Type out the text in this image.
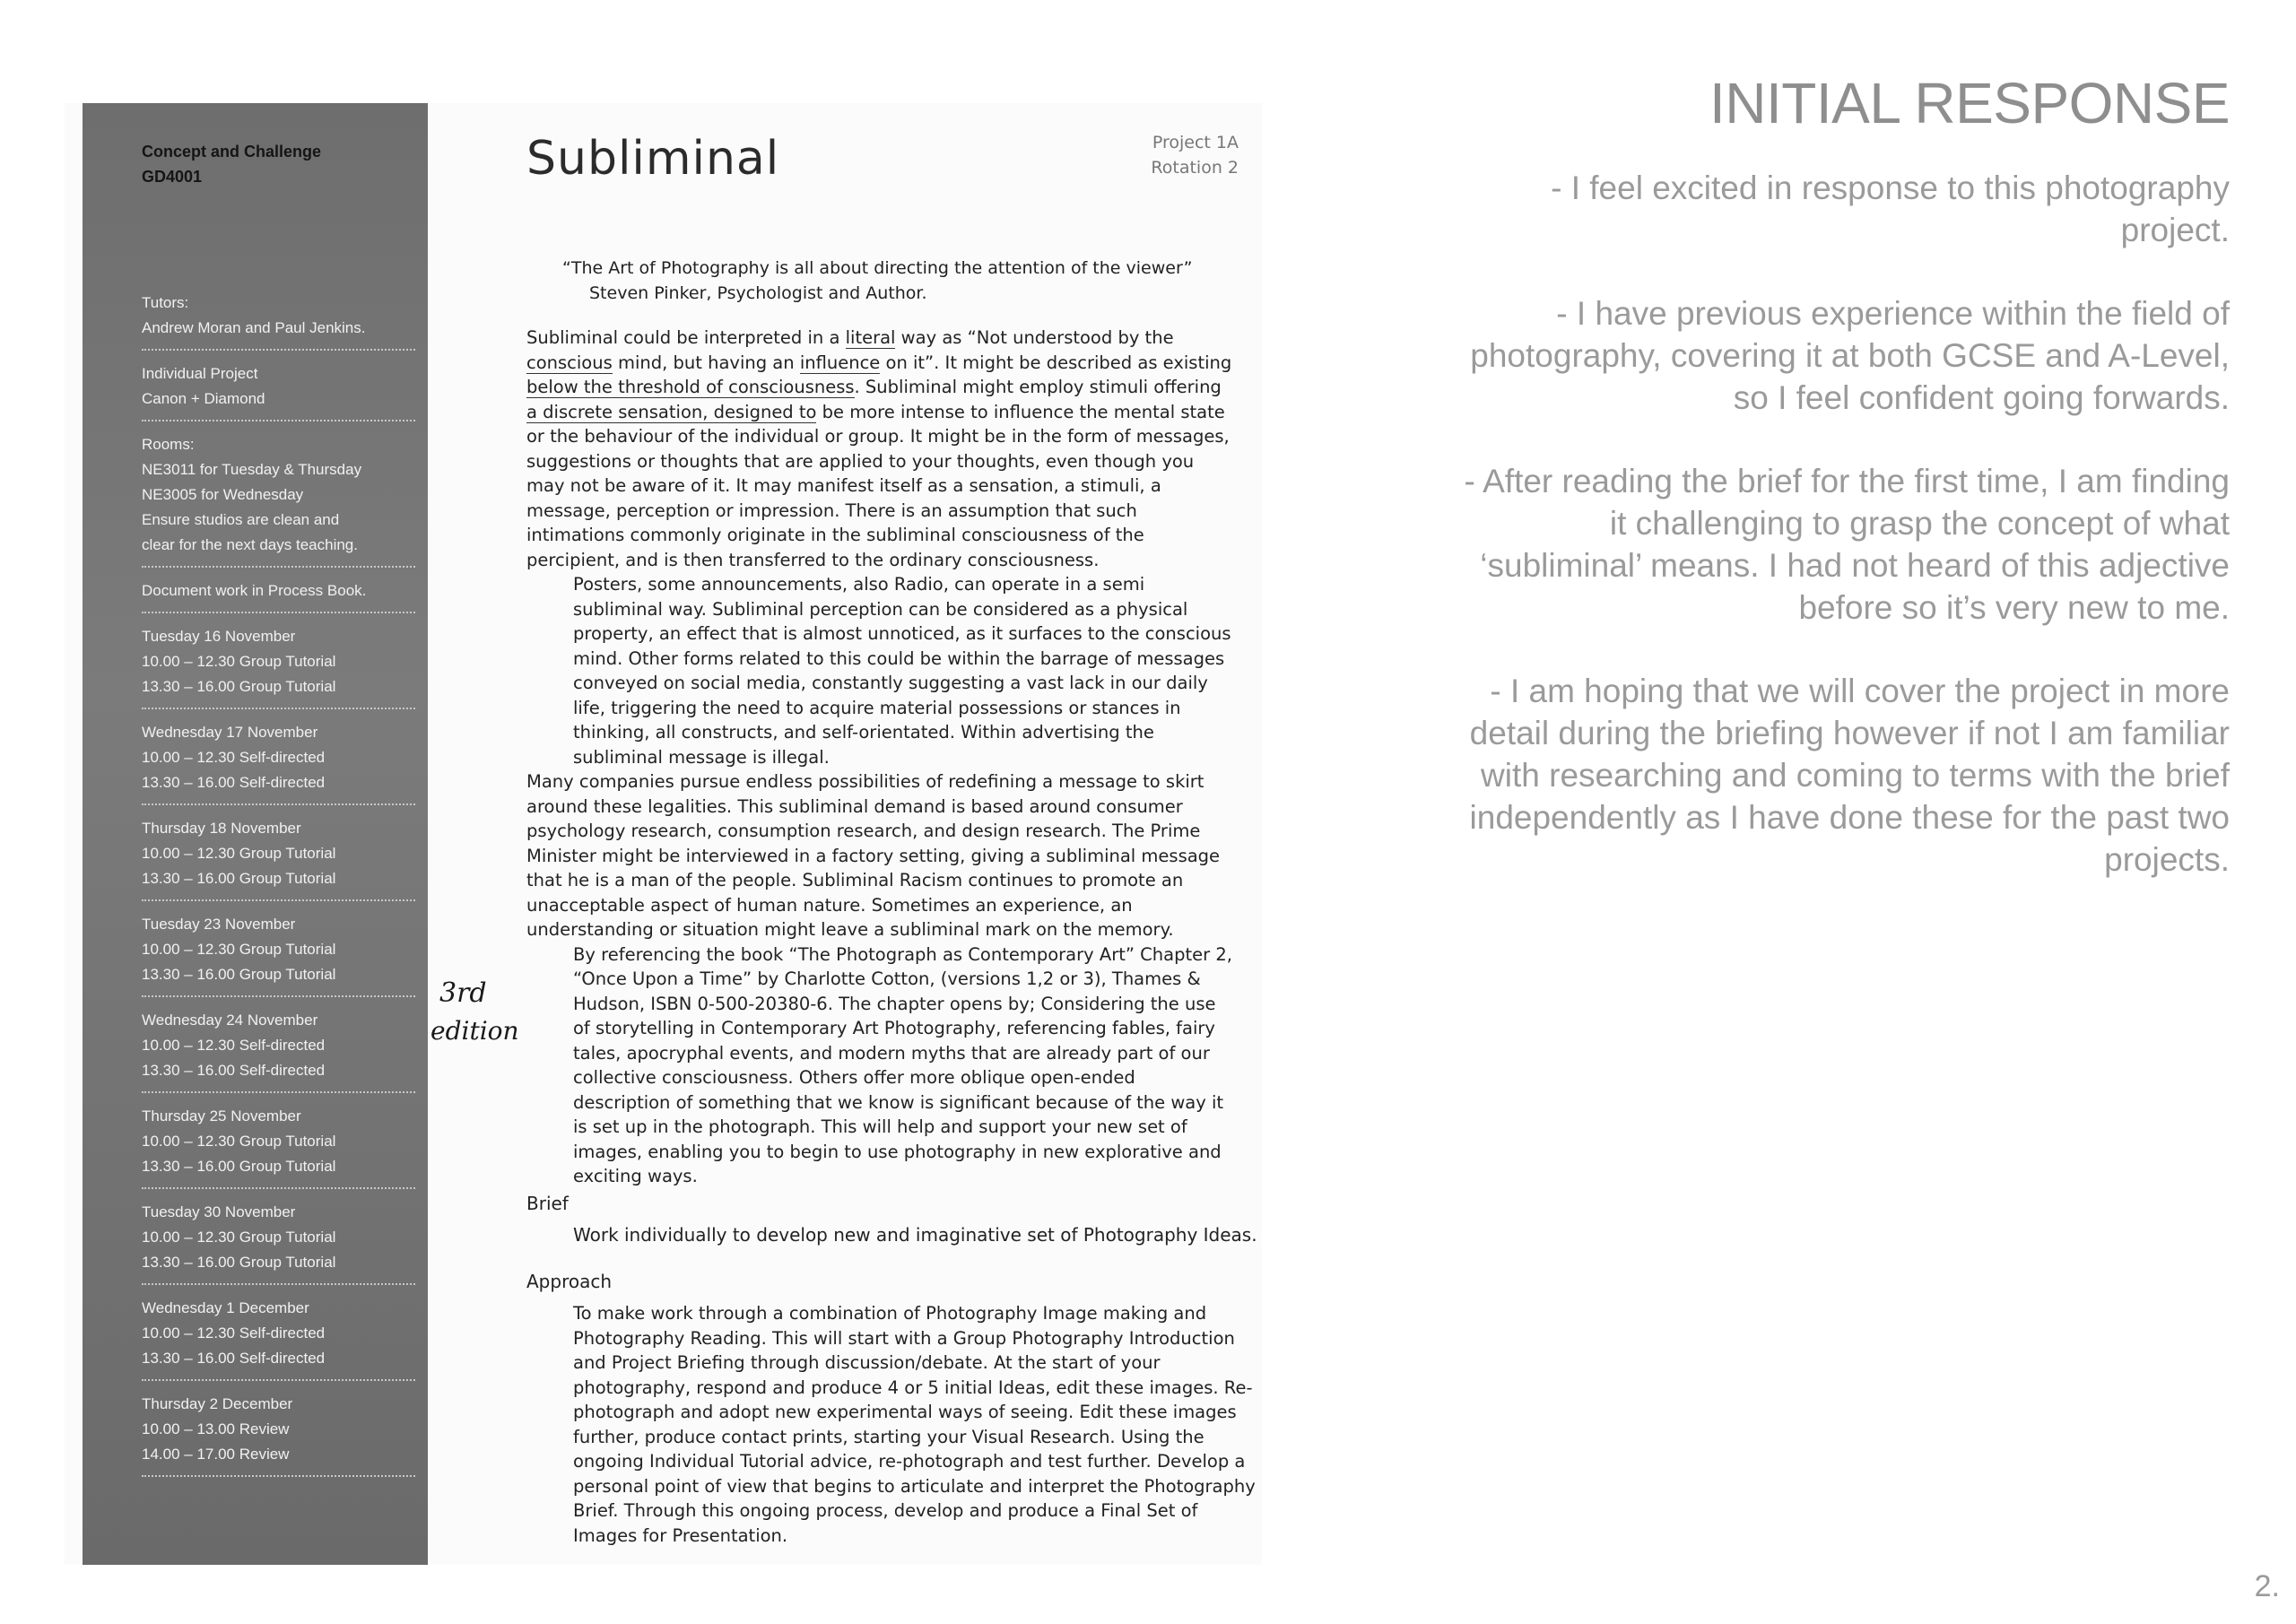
Concept and Challenge
GD4001
Tutors:
Andrew Moran and Paul Jenkins.
Individual Project
Canon + Diamond
Rooms:
NE3011 for Tuesday & Thursday
NE3005 for Wednesday
Ensure studios are clean and
clear for the next days teaching.
Document work in Process Book.
Tuesday 16 November
10.00 – 12.30 Group Tutorial
13.30 – 16.00 Group Tutorial
Wednesday 17 November
10.00 – 12.30 Self-directed
13.30 – 16.00 Self-directed
Thursday 18 November
10.00 – 12.30 Group Tutorial
13.30 – 16.00 Group Tutorial
Tuesday 23 November
10.00 – 12.30 Group Tutorial
13.30 – 16.00 Group Tutorial
Wednesday 24 November
10.00 – 12.30 Self-directed
13.30 – 16.00 Self-directed
Thursday 25 November
10.00 – 12.30 Group Tutorial
13.30 – 16.00 Group Tutorial
Tuesday 30 November
10.00 – 12.30 Group Tutorial
13.30 – 16.00 Group Tutorial
Wednesday 1 December
10.00 – 12.30 Self-directed
13.30 – 16.00 Self-directed
Thursday 2 December
10.00 – 13.00 Review
14.00 – 17.00 Review
Subliminal	Project 1A
Rotation 2
“The Art of Photography is all about directing the attention of the viewer”
Steven Pinker, Psychologist and Author.

Subliminal could be interpreted in a literal way as “Not understood by the conscious mind, but having an influence on it”. It might be described as existing below the threshold of consciousness. Subliminal might employ stimuli offering a discrete sensation, designed to be more intense to influence the mental state or the behaviour of the individual or group. It might be in the form of messages, suggestions or thoughts that are applied to your thoughts, even though you may not be aware of it. It may manifest itself as a sensation, a stimuli, a message, perception or impression. There is an assumption that such intimations commonly originate in the subliminal consciousness of the percipient, and is then transferred to the ordinary consciousness.

Posters, some announcements, also Radio, can operate in a semi subliminal way. Subliminal perception can be considered as a physical property, an effect that is almost unnoticed, as it surfaces to the conscious mind. Other forms related to this could be within the barrage of messages conveyed on social media, constantly suggesting a vast lack in our daily life, triggering the need to acquire material possessions or stances in thinking, all constructs, and self-orientated. Within advertising the subliminal message is illegal.

Many companies pursue endless possibilities of redefining a message to skirt around these legalities. This subliminal demand is based around consumer psychology research, consumption research, and design research. The Prime Minister might be interviewed in a factory setting, giving a subliminal message that he is a man of the people. Subliminal Racism continues to promote an unacceptable aspect of human nature. Sometimes an experience, an understanding or situation might leave a subliminal mark on the memory.

By referencing the book “The Photograph as Contemporary Art” Chapter 2, “Once Upon a Time” by Charlotte Cotton, (versions 1,2 or 3), Thames & Hudson, ISBN 0-500-20380-6. The chapter opens by; Considering the use of storytelling in Contemporary Art Photography, referencing fables, fairy tales, apocryphal events, and modern myths that are already part of our collective consciousness. Others offer more oblique open-ended description of something that we know is significant because of the way it is set up in the photograph. This will help and support your new set of images, enabling you to begin to use photography in new explorative and exciting ways.

Brief
Work individually to develop new and imaginative set of Photography Ideas.
Approach
To make work through a combination of Photography Image making and Photography Reading. This will start with a Group Photography Introduction and Project Briefing through discussion/debate. At the start of your photography, respond and produce 4 or 5 initial Ideas, edit these images. Re-photograph and adopt new experimental ways of seeing. Edit these images further, produce contact prints, starting your Visual Research. Using the ongoing Individual Tutorial advice, re-photograph and test further. Develop a personal point of view that begins to articulate and interpret the Photography Brief. Through this ongoing process, develop and produce a Final Set of Images for Presentation.
3rd
edition
INITIAL RESPONSE

- I feel excited in response to this photography project.

- I have previous experience within the field of photography, covering it at both GCSE and A-Level, so I feel confident going forwards.

- After reading the brief for the first time, I am finding it challenging to grasp the concept of what ‘subliminal’ means. I had not heard of this adjective before so it’s very new to me.

- I am hoping that we will cover the project in more detail during the briefing however if not I am familiar with researching and coming to terms with the brief independently as I have done these for the past two projects.

2.
